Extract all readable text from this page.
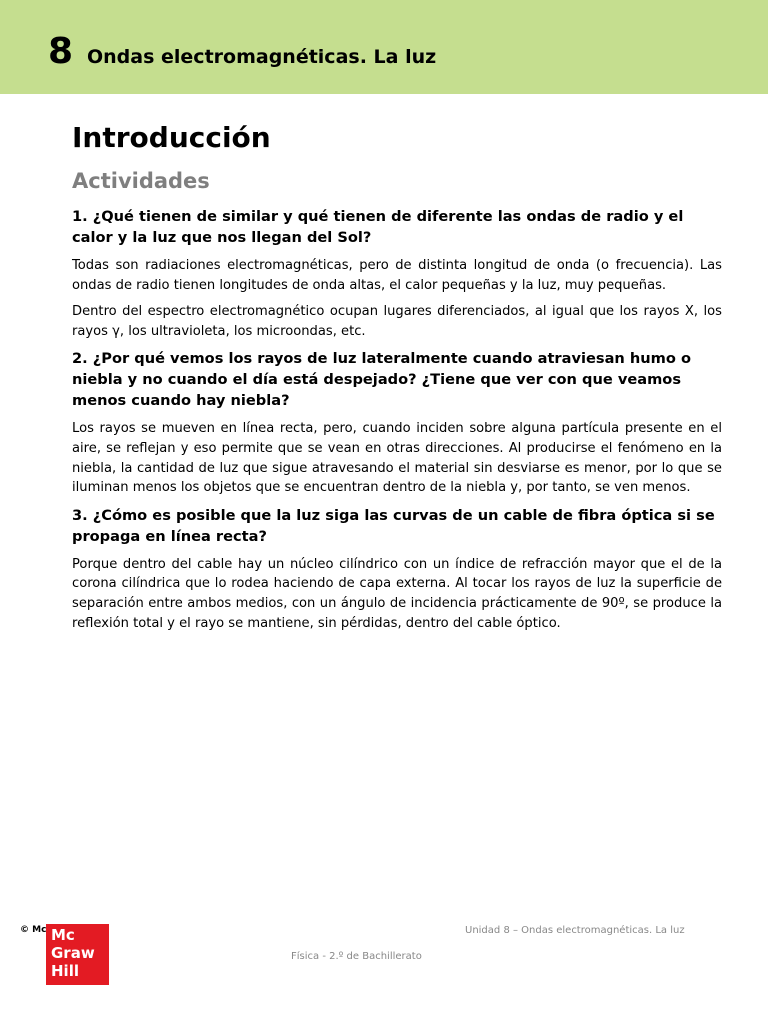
8 Ondas electromagnéticas. La luz
Introducción
Actividades

1. ¿Qué tienen de similar y qué tienen de diferente las ondas de radio y el calor y la luz que nos llegan del Sol?

Todas son radiaciones electromagnéticas, pero de distinta longitud de onda (o frecuencia). Las ondas de radio tienen longitudes de onda altas, el calor pequeñas y la luz, muy pequeñas.

Dentro del espectro electromagnético ocupan lugares diferenciados, al igual que los rayos X, los rayos γ, los ultravioleta, los microondas, etc.

2. ¿Por qué vemos los rayos de luz lateralmente cuando atraviesan humo o niebla y no cuando el día está despejado? ¿Tiene que ver con que veamos menos cuando hay niebla?

Los rayos se mueven en línea recta, pero, cuando inciden sobre alguna partícula presente en el aire, se reflejan y eso permite que se vean en otras direcciones. Al producirse el fenómeno en la niebla, la cantidad de luz que sigue atravesando el material sin desviarse es menor, por lo que se iluminan menos los objetos que se encuentran dentro de la niebla y, por tanto, se ven menos.

3. ¿Cómo es posible que la luz siga las curvas de un cable de fibra óptica si se propaga en línea recta?

Porque dentro del cable hay un núcleo cilíndrico con un índice de refracción mayor que el de la corona cilíndrica que lo rodea haciendo de capa externa. Al tocar los rayos de luz la superficie de separación entre ambos medios, con un ángulo de incidencia prácticamente de 90º, se produce la reflexión total y el rayo se mantiene, sin pérdidas, dentro del cable óptico.

© Mc Mc
Graw
Hill
Unidad 8 – Ondas electromagnéticas. La luz
Física - 2.º de Bachillerato
